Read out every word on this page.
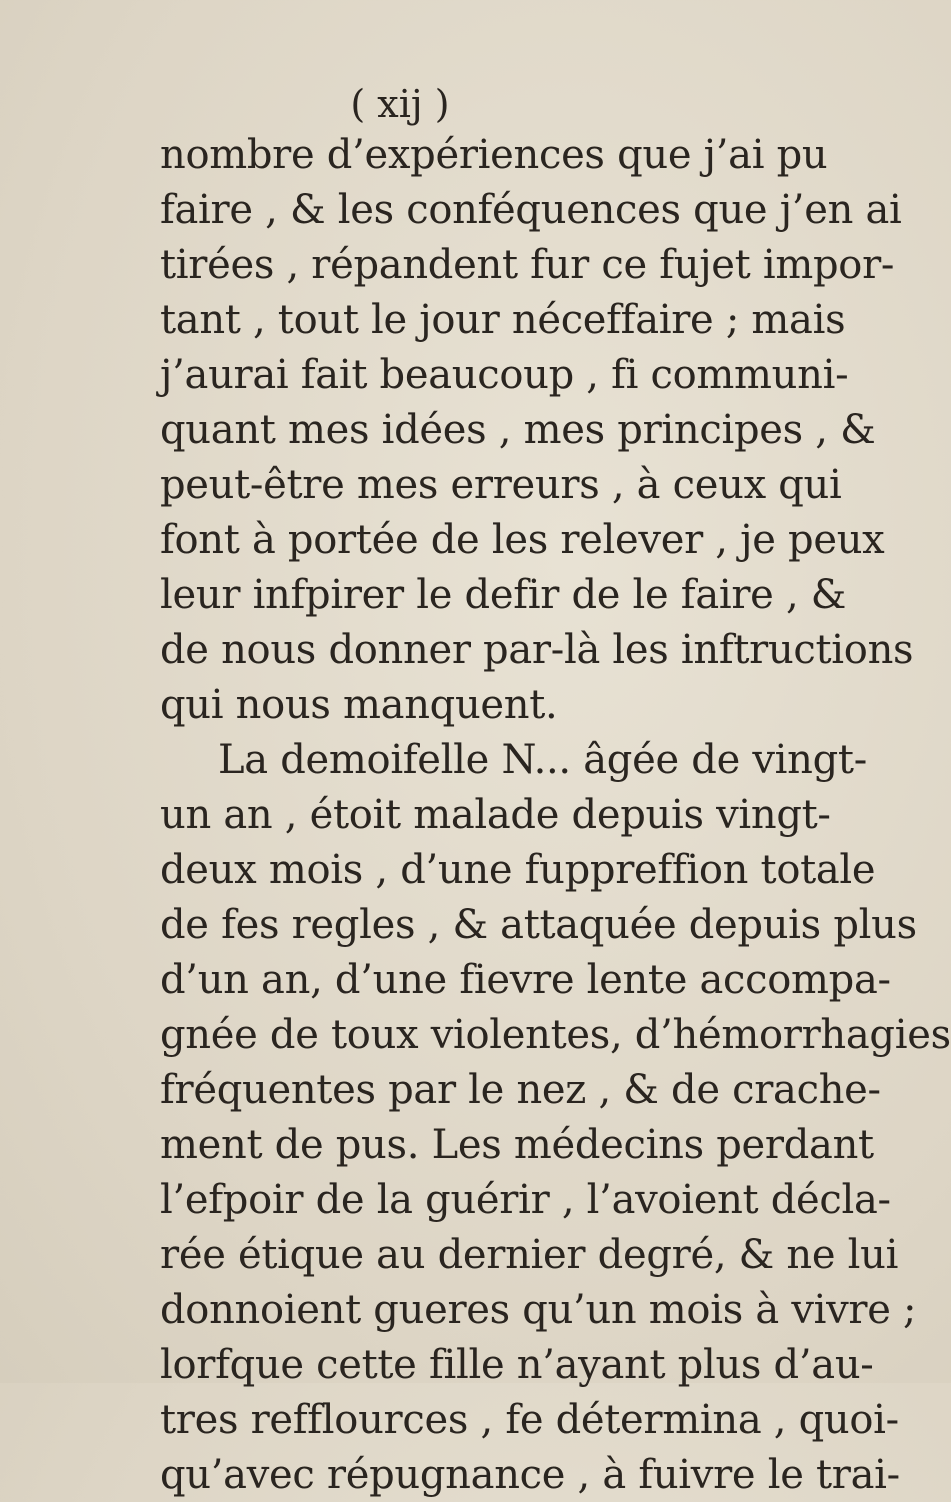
( xij )
nombre d’expériences que j’ai pu
faire , & les conféquences que j’en ai
tirées , répandent fur ce fujet impor-
tant , tout le jour néceffaire ; mais
j’aurai fait beaucoup , fi communi-
quant mes idées , mes principes , &
peut-être mes erreurs , à ceux qui
font à portée de les relever , je peux
leur infpirer le defir de le faire , &
de nous donner par-là les inftructions
qui nous manquent.
La demoifelle N... âgée de vingt-
un an , étoit malade depuis vingt-
deux mois , d’une fuppreffion totale
de fes regles , & attaquée depuis plus
d’un an, d’une fievre lente accompa-
gnée de toux violentes, d’hémorrhagies
fréquentes par le nez , & de crache-
ment de pus. Les médecins perdant
l’efpoir de la guérir , l’avoient décla-
rée étique au dernier degré, & ne lui
donnoient gueres qu’un mois à vivre ;
lorfque cette fille n’ayant plus d’au-
tres refflources , fe détermina , quoi-
qu’avec répugnance , à fuivre le trai-
